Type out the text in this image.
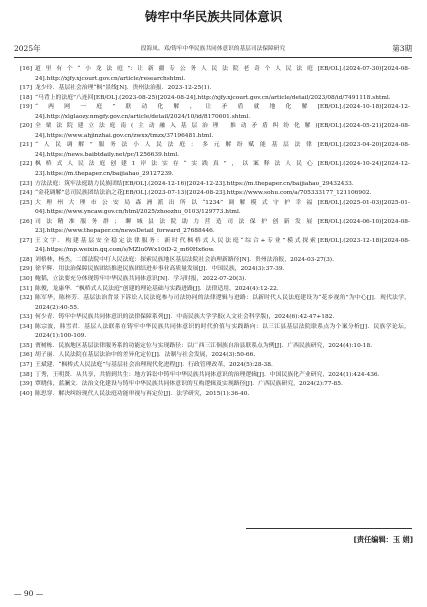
铸牢中华民族共同体意识
2025年	段海凤、邓/铸牢中华民族共同体意识的基层司法保障研究	第3期
[16] 道里有个“小龙法庭”:让新疆专公务人民法院老奇个人民法庭[EB/OL].(2024-07-30)[2024-08-24].http://xjfy.xjcourt.gov.cn/article/researchshtml.
[17] 龙少玲．基层社会治理“枫”景线[N]．贵州法治报．2023-12-25(1).
[18] “马背上的法庭”八连回[EB/OL].(2023-08-25)[2024-08-24].http://xjfy.xjcourt.gov.cn/article/detail/2023/08/id/7491118.shtml.
[19] “两网一庭”联动化解、让矛盾就地化解[EB/OL].(2024-10-18)[2024-12-24].http://xlglaozy.nmgfy.gov.cn/article/detail/2024/10/id/8170601.shtml.
[20] 全栗法院建立法庭南(主动融入基层治理 推动矛盾纠纷化解)[EB/OL].(2024-05-21)[2024-08-24].https://www.ahjinzhai.gov.cn/zwxx/tmzx/37196481.html.
[21] “人民调解”服务法小人民法庭：多元解纷赋能基层法律[EB/OL].(2023-04-20)[2024-08-24].https://news.baibtdaily.net/pc/1256639.html.
[22] 枫桥式人民法庭创建1岸法实存“实践真”，以案释法人民心[EB/OL].(2024-10-24)[2024-12-23].https://m.thepaper.cn/baijiahao_29127239.
[23] 方法法庭：筑牢法庭助力民族团结[EB/OL].(2024-12-16)[2024-12-23].https://m.thepaper.cn/baijiahao_29432433.
[24] “金花调解”总司民族团结法治之花[EB/OL].(2023-07-13)[2024-08-23].https://www.sohu.com/a/705333177_121106902.
[25] 大理州大理市公安局森洲派出所以“1234”调解模式守护幸福[EB/OL].(2025-01-03)[2025-01-04].https://www.yncaw.gov.cn/html/2025/zhoozhu_0103/129773.html.
[26] 司法精准服务群；聊城县法院助力营造司法保护创新发展[EB/OL].(2024-06-10)[2024-08-23].https://www.thepaper.cn/newsDetail_forward_27688446.
[27] 王文宇．构建基层安全稳定法律服务：新时代枫桥式人民法庭“综合+专业”模式探索[EB/OL].(2023-12-18)[2024-08-24].https://mp.weixin.qq.com/s/MZlu0Wx10iD-2_m60Hx6ow.
[28] 刘格林，杨杰，二郎法院中打人民法庭：探索民族地区基层法院社会治理新路径[N]．贵州法治报，2024-03-27(3).
[29] 徐平辉．用法治保障民族团结推进民族团结进步事业高质量发展[J]．中国民族，2024(3):37-39.
[30] 鲍韬，立法要充分体现铸牢中华民族共同体意识[N]．学习时报，2022-07-20(3).
[31] 陈俊，龙康华．“枫桥式人民法庭”创建的理论基础与实践进路[J]．法律适用，2024(4):12-22.
[32] 陈军华，陈梓芳．基层法治背景下诉讼人民法庭参与司法协同的法律逻辑与进路：以新时代人民法庭建设为“花乡视角”为中心[J]．现代法学，2024(2):40-55.
[33] 何少青．铸牢中华民族共同体意识的法律保障系列[J]．中南民族大学学报(人文社会科学版)，2024(6):42-47+182.
[34] 陈宗波，韩雪君．基层人法联系在铸牢中华民族共同体意识的时代价值与实践路向：以三江县基层法院联系点为个案分析[J]．民族学论坛，2024(1):100-109.
[35] 贾树栋．民族地区基层法律服务系的功能定位与实现路径：以广西三江侗族自治县联系点为例[J]．广西民族研究，2024(4):10-18.
[36] 胡子丽．人民法院在基层法治中的差异化定位[J]．法制与社会发展，2024(3):50-66.
[37] 王斌建．“枫桥式人民法庭”与基层社会治理现代化进程[J]．行政管理改革，2024(5):28-38.
[38] 丁秀，王明贤．从共享，共情到共生：地方诉讼中铸牢中华民族共同体意识的治理逻辑[J]．中国民族化产业研究，2024(1):424-436.
[39] 覃晓伟，蓝澜文．法治文化建设与铸牢中华民族共同体意识的互构逻辑及实现路径[J]．广西民族研究，2024(2):77-85.
[40] 陈思穿．解决纠纷现代人民法庭功能审视与再定位[J]．法学研究，2015(1):36-40.
[责任编辑：玉 娟]
— 90 —
